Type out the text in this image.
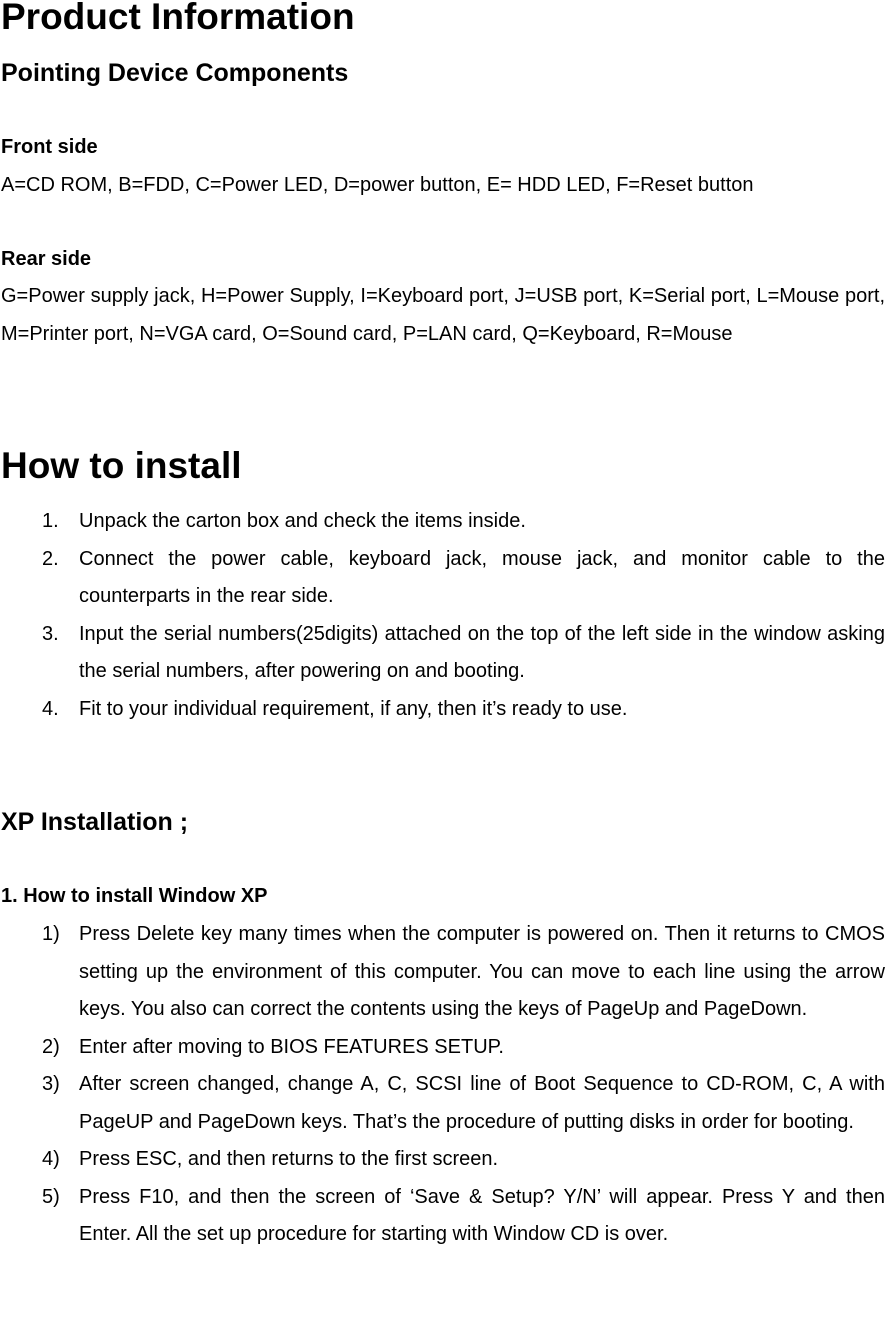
Product Information
Pointing Device Components
Front side

A=CD ROM, B=FDD, C=Power LED, D=power button, E= HDD LED, F=Reset button

Rear side

G=Power supply jack, H=Power Supply, I=Keyboard port, J=USB port, K=Serial port, L=Mouse port, M=Printer port, N=VGA card, O=Sound card, P=LAN card, Q=Keyboard, R=Mouse

How to install
1. Unpack the carton box and check the items inside.
2. Connect the power cable, keyboard jack, mouse jack, and monitor cable to the counterparts in the rear side.
3. Input the serial numbers(25digits) attached on the top of the left side in the window asking the serial numbers, after powering on and booting.
4. Fit to your individual requirement, if any, then it’s ready to use.
XP Installation ;
1. How to install Window XP
1) Press Delete key many times when the computer is powered on. Then it returns to CMOS setting up the environment of this computer. You can move to each line using the arrow keys. You also can correct the contents using the keys of PageUp and PageDown.
2) Enter after moving to BIOS FEATURES SETUP.
3) After screen changed, change A, C, SCSI line of Boot Sequence to CD-ROM, C, A with PageUP and PageDown keys. That’s the procedure of putting disks in order for booting.
4) Press ESC, and then returns to the first screen.
5) Press F10, and then the screen of ‘Save & Setup? Y/N’ will appear. Press Y and then Enter. All the set up procedure for starting with Window CD is over.
